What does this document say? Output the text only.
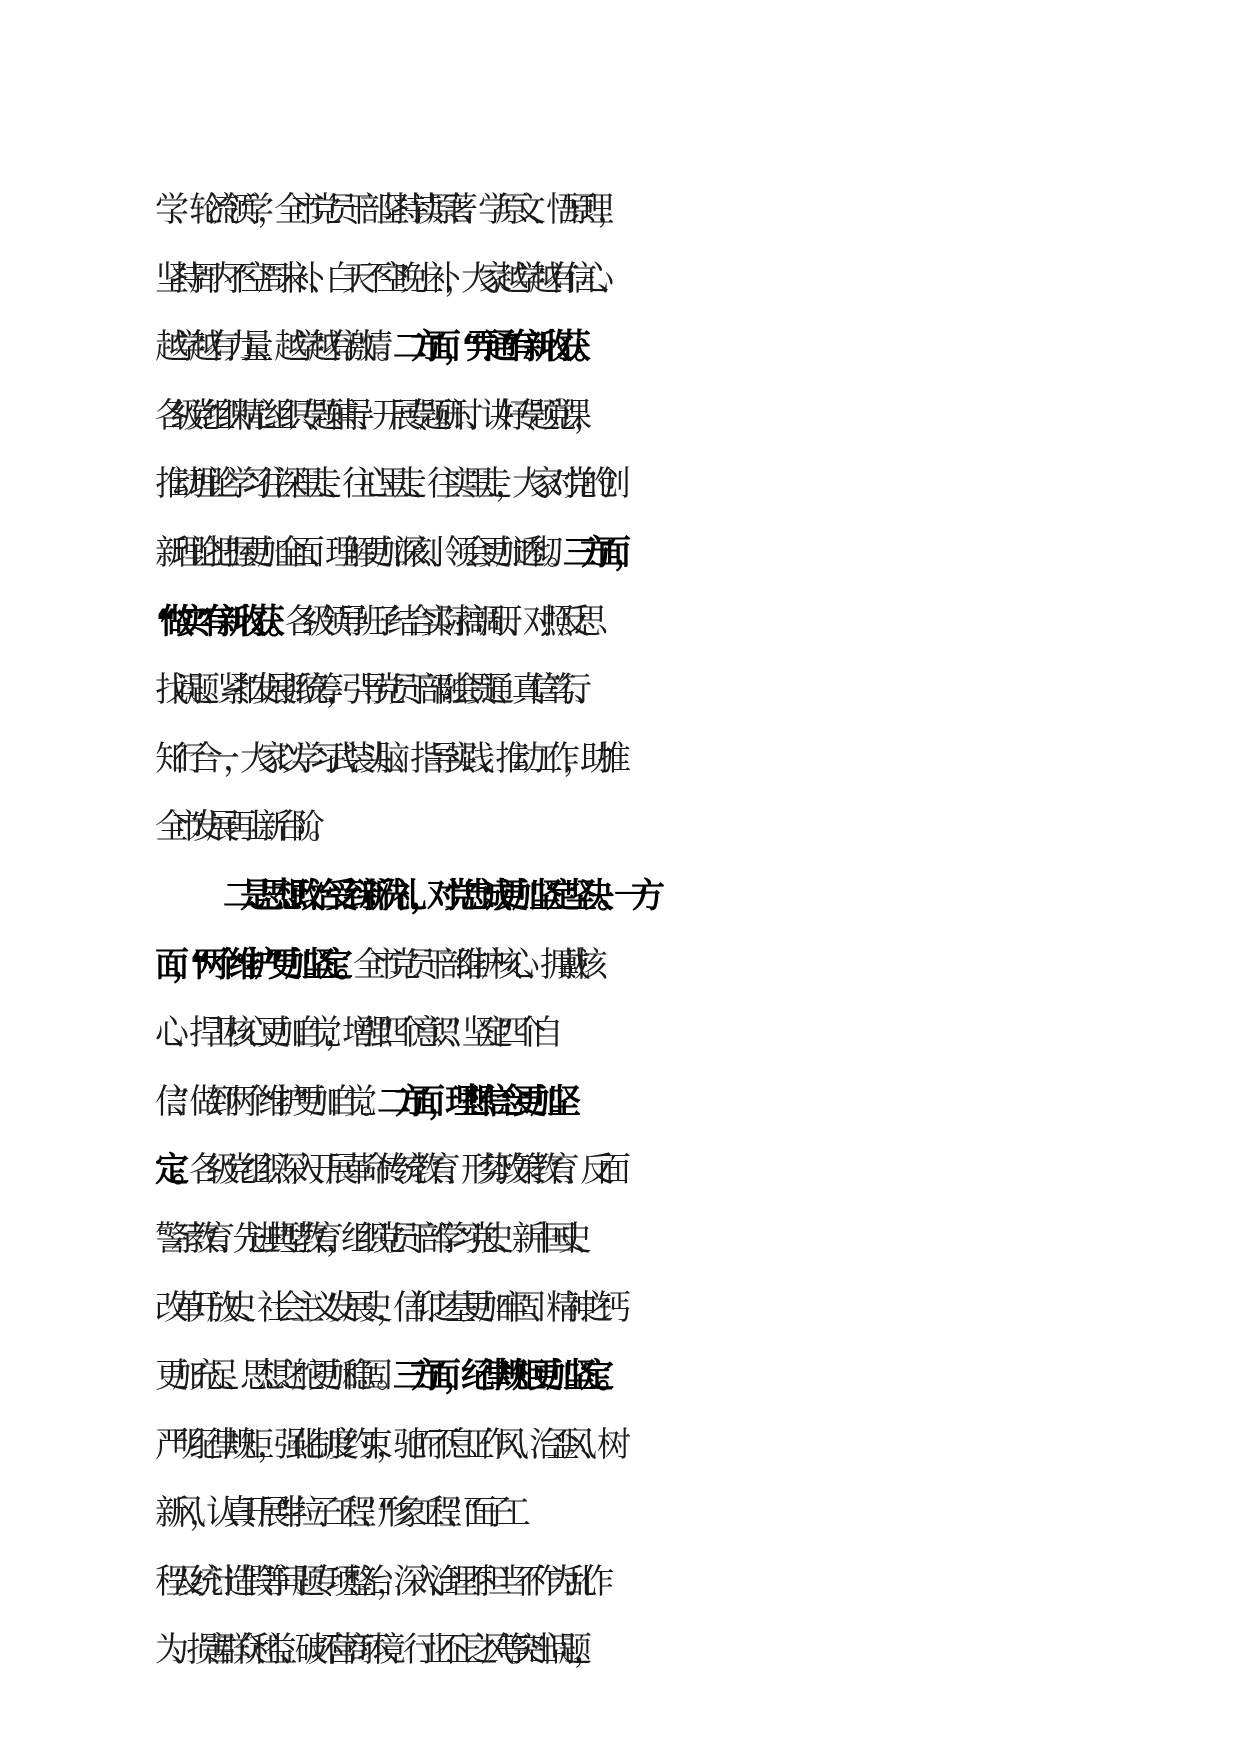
学、轮流领学，全市党员干部坚持读原著、学原文、悟原理，
坚持周内不空周末补、白天不空晚上补，大家越学越有信心、
越学越有力量、越学越有激情。二方面，“弄通”有新收获。
各级党组织精心组织专题辅导、开展专题研讨、讲好专题党课，
推动理论学习往深里走、往心里走、往实里走，大家对党的创
新理论把握更加全面、理解更加深刻、领会更加透彻。三方面，
“做实”有新收获。各级领导班子结合实际搞调研、对照反思
找问题、紧扣发展抓统筹，引导党员干部融会贯通、真信笃行、
知行合一，大家以学习武装头脑、指导实践、推动工作，助推
全市发展再上新台阶。
二是思想政治受到新洗礼，对党忠诚更加坚定坚决。一方
面，“两个维护”更加坚定。全市党员干部维护核心、拥戴核
心、捍卫核心更加自觉，增强“四个意识”、坚定“四个自
信”、做到“两个维护”更加自觉。二方面，理想信念更加坚
定。各级党组织深入开展革命传统教育、形势政策教育、反面
警示教育、先进典型教育，组织党员干部学习党史、新中国史、
改革开放史、社会主义发展史，信仰之基更加牢固、精神之钙
更加充足、思想之舵更加稳固。三方面，纪律规矩更加坚定。
严明纪律规矩，强化制度约束，驰而不息正作风、治歪风、树
新风，认真开展“半拉子工程”、“形象工程”、“面子工
程”及统计造假等问题专项整治，深入治理不担当不作为乱作
为、损害群众利益、破坏营商环境、行业不正之风等突出问题，
